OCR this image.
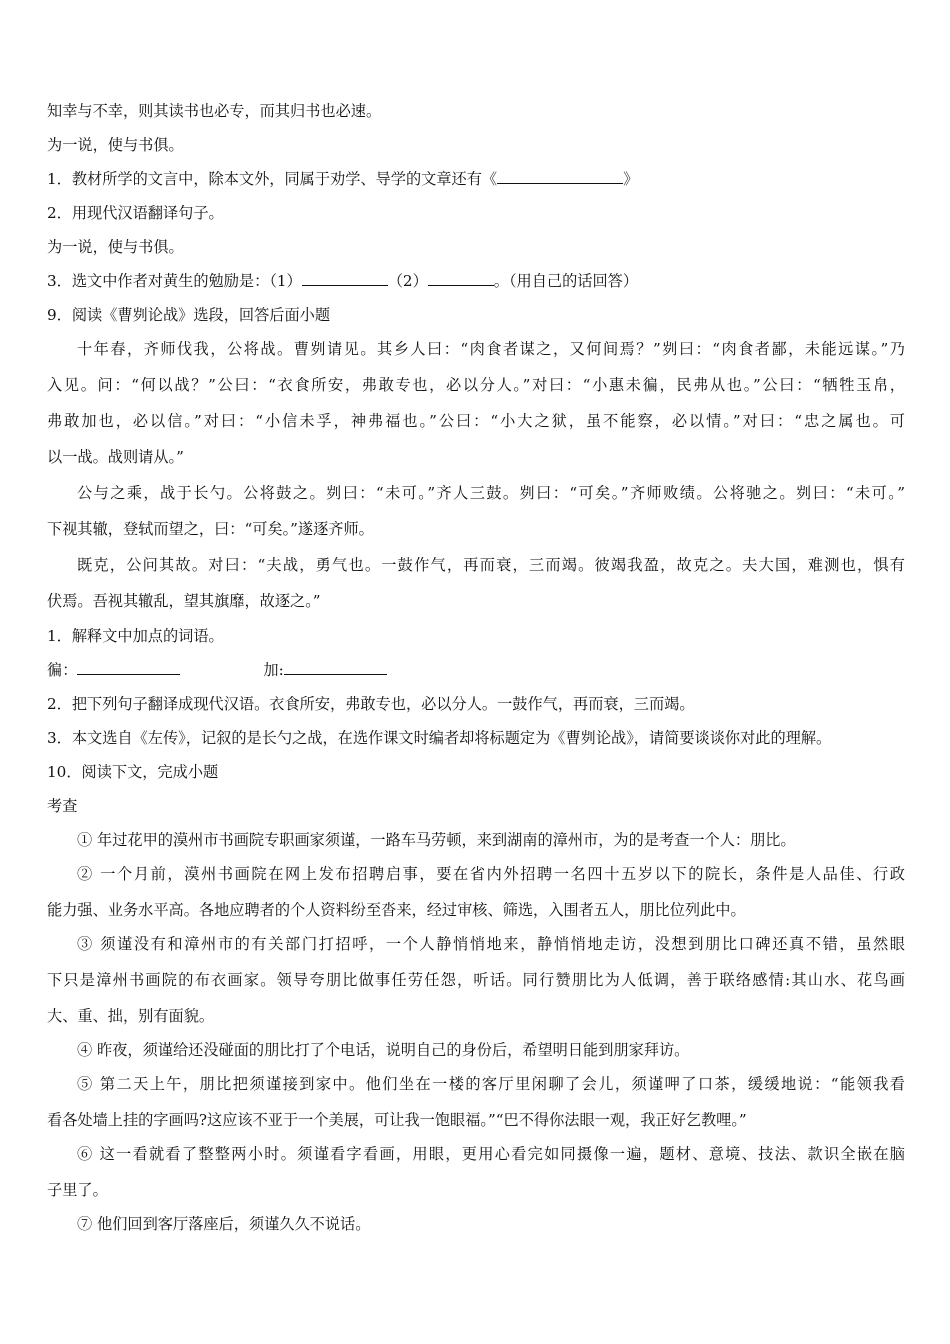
知幸与不幸，则其读书也必专，而其归书也必速。
为一说，使与书俱。
1．教材所学的文言中，除本文外，同属于劝学、导学的文章还有《	》
2．用现代汉语翻译句子。
为一说，使与书俱。
3．选文中作者对黄生的勉励是：（1）	（2）	。（用自己的话回答）
9．阅读《曹刿论战》选段，回答后面小题
十年春，齐师伐我，公将战。曹刿请见。其乡人曰：“肉食者谋之，又何间焉？”刿曰：“肉食者鄙，未能远谋。”乃
入见。问：“何以战？”公曰：“衣食所安，弗敢专也，必以分人。”对曰：“小惠未徧，民弗从也。”公曰：“牺牲玉帛，
弗敢加也，必以信。”对曰：“小信未孚，神弗福也。”公曰：“小大之狱，虽不能察，必以情。”对曰：“忠之属也。可
以一战。战则请从。”
公与之乘，战于长勺。公将鼓之。刿曰：“未可。”齐人三鼓。刿曰：“可矣。”齐师败绩。公将驰之。刿曰：“未可。”
下视其辙，登轼而望之，曰：“可矣。”遂逐齐师。
既克，公问其故。对曰：“夫战，勇气也。一鼓作气，再而衰，三而竭。彼竭我盈，故克之。夫大国，难测也，惧有
伏焉。吾视其辙乱，望其旗靡，故逐之。”
1．解释文中加点的词语。
徧：	加:
2．把下列句子翻译成现代汉语。衣食所安，弗敢专也，必以分人。一鼓作气，再而衰，三而竭。
3．本文选自《左传》，记叙的是长勺之战，在选作课文时编者却将标题定为《曹刿论战》，请简要谈谈你对此的理解。
10．阅读下文，完成小题
考查
① 年过花甲的漠州市书画院专职画家须谨，一路车马劳顿，来到湖南的漳州市，为的是考查一个人：朋比。
② 一个月前，漠州书画院在网上发布招聘启事，要在省内外招聘一名四十五岁以下的院长，条件是人品佳、行政
能力强、业务水平高。各地应聘者的个人资料纷至沓来，经过审核、筛选，入围者五人，朋比位列此中。
③ 须谨没有和漳州市的有关部门打招呼，一个人静悄悄地来，静悄悄地走访，没想到朋比口碑还真不错，虽然眼
下只是漳州书画院的布衣画家。领导夸朋比做事任劳任怨，听话。同行赞朋比为人低调，善于联络感情:其山水、花鸟画
大、重、拙，别有面貌。
④ 昨夜，须谨给还没碰面的朋比打了个电话，说明自己的身份后，希望明日能到朋家拜访。
⑤ 第二天上午，朋比把须谨接到家中。他们坐在一楼的客厅里闲聊了会儿，须谨呷了口茶，缓缓地说：“能领我看
看各处墙上挂的字画吗?这应该不亚于一个美展，可让我一饱眼福。”“巴不得你法眼一观，我正好乞教哩。”
⑥ 这一看就看了整整两小时。须谨看字看画，用眼，更用心看完如同摄像一遍，题材、意境、技法、款识全嵌在脑
子里了。
⑦ 他们回到客厅落座后，须谨久久不说话。
